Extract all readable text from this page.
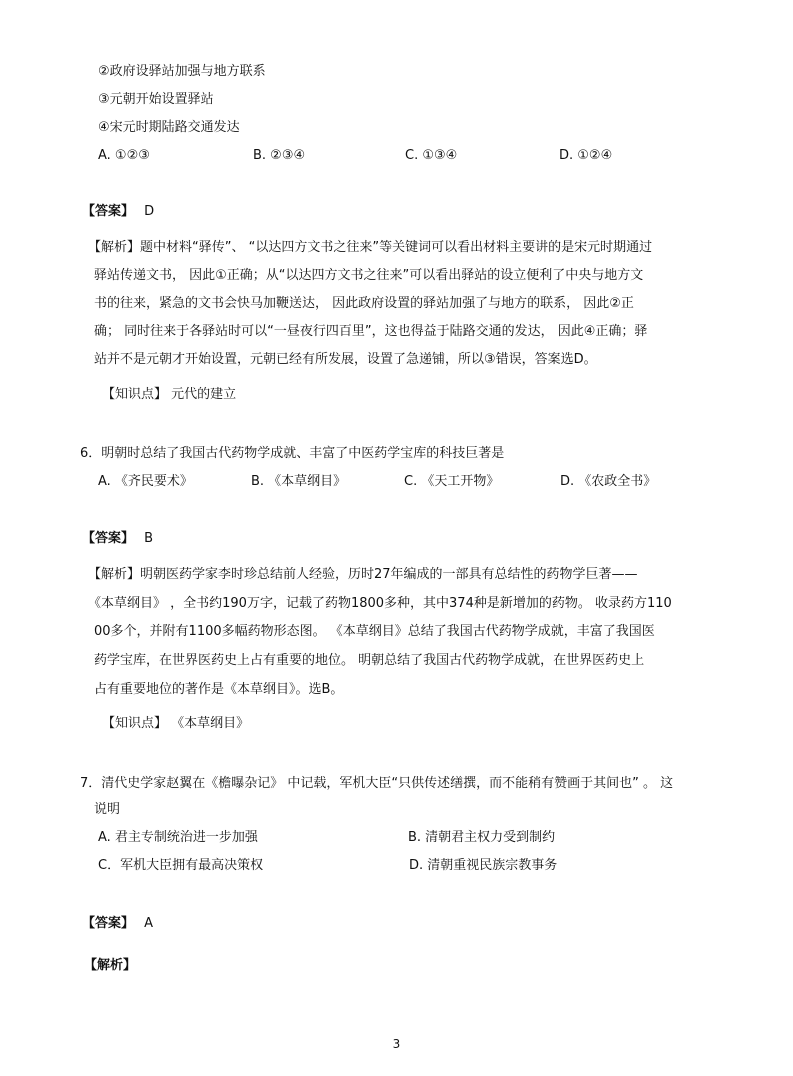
②政府设驿站加强与地方联系
③元朝开始设置驿站
④宋元时期陆路交通发达
A. ①②③	B. ②③④	C. ①③④	D. ①②④
【答案】 D
【解析】题中材料“驿传”、 “以达四方文书之往来”等关键词可以看出材料主要讲的是宋元时期通过
驿站传递文书， 因此①正确；从“以达四方文书之往来”可以看出驿站的设立便利了中央与地方文
书的往来，紧急的文书会快马加鞭送达， 因此政府设置的驿站加强了与地方的联系， 因此②正
确； 同时往来于各驿站时可以“一昼夜行四百里”，这也得益于陆路交通的发达， 因此④正确；驿
站并不是元朝才开始设置，元朝已经有所发展，设置了急递铺，所以③错误，答案选D。
【知识点】 元代的建立
6．明朝时总结了我国古代药物学成就、丰富了中医药学宝库的科技巨著是
A. 《齐民要术》	B. 《本草纲目》	C. 《天工开物》	D. 《农政全书》
【答案】 B
【解析】明朝医药学家李时珍总结前人经验，历时27年编成的一部具有总结性的药物学巨著——
《本草纲目》 ，全书约190万字，记载了药物1800多种，其中374种是新增加的药物。 收录药方110
00多个，并附有1100多幅药物形态图。 《本草纲目》总结了我国古代药物学成就，丰富了我国医
药学宝库，在世界医药史上占有重要的地位。 明朝总结了我国古代药物学成就，在世界医药史上
占有重要地位的著作是《本草纲目》。选B。
【知识点】 《本草纲目》
7．清代史学家赵翼在《檐曝杂记》 中记载，军机大臣“只供传述缮撰，而不能稍有赞画于其间也” 。 这
说明
A. 君主专制统治进一步加强	B. 清朝君主权力受到制约
C．军机大臣拥有最高决策权	D. 清朝重视民族宗教事务
【答案】 A
【解析】
3
